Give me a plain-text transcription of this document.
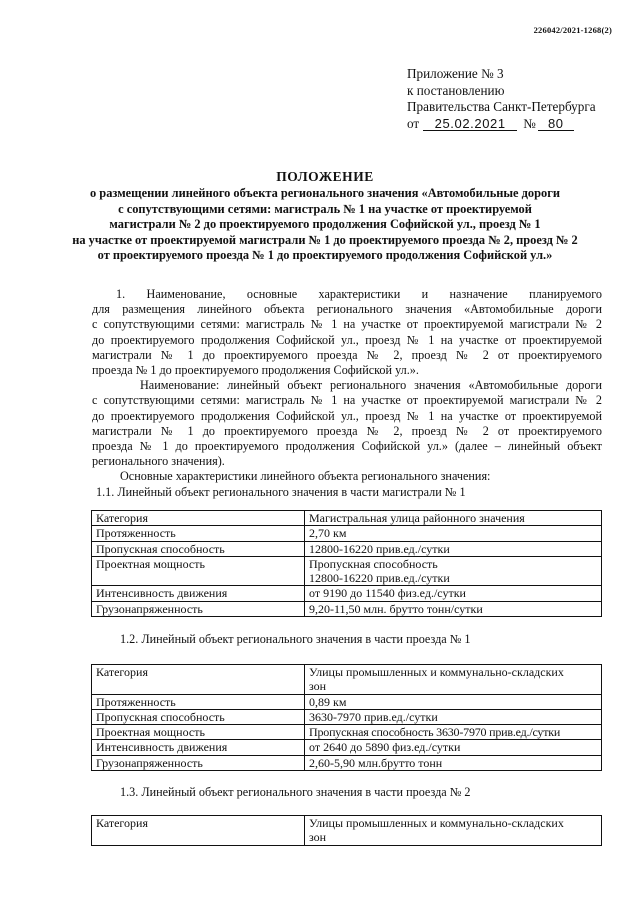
226042/2021-1268(2)
Приложение № 3
к постановлению
Правительства Санкт-Петербурга
от 25.02.2021 № 80
ПОЛОЖЕНИЕ
о размещении линейного объекта регионального значения «Автомобильные дороги
с сопутствующими сетями: магистраль № 1 на участке от проектируемой
магистрали № 2 до проектируемого продолжения Софийской ул., проезд № 1
на участке от проектируемой магистрали № 1 до проектируемого проезда № 2, проезд № 2
от проектируемого проезда № 1 до проектируемого продолжения Софийской ул.»

1. Наименование, основные характеристики и назначение планируемого
для размещения линейного объекта регионального значения «Автомобильные дороги
с сопутствующими сетями: магистраль № 1 на участке от проектируемой магистрали № 2
до проектируемого продолжения Софийской ул., проезд № 1 на участке от проектируемой
магистрали № 1 до проектируемого проезда № 2, проезд № 2 от проектируемого
проезда № 1 до проектируемого продолжения Софийской ул.».

Наименование: линейный объект регионального значения «Автомобильные дороги
с сопутствующими сетями: магистраль № 1 на участке от проектируемой магистрали № 2
до проектируемого продолжения Софийской ул., проезд № 1 на участке от проектируемой
магистрали № 1 до проектируемого проезда № 2, проезд № 2 от проектируемого
проезда № 1 до проектируемого продолжения Софийской ул.» (далее – линейный объект
регионального значения).

Основные характеристики линейного объекта регионального значения:

1.1. Линейный объект регионального значения в части магистрали № 1

Категория	Магистральная улица районного значения
Протяженность	2,70 км
Пропускная способность	12800-16220 прив.ед./сутки
Проектная мощность	Пропускная способность
12800-16220 прив.ед./сутки

Интенсивность движения	от 9190 до 11540 физ.ед./сутки
Грузонапряженность	9,20-11,50 млн. брутто тонн/сутки
1.2. Линейный объект регионального значения в части проезда № 1
Категория	Улицы промышленных и коммунально-складских
зон

Протяженность	0,89 км
Пропускная способность	3630-7970 прив.ед./сутки
Проектная мощность	Пропускная способность 3630-7970 прив.ед./сутки
Интенсивность движения	от 2640 до 5890 физ.ед./сутки
Грузонапряженность	2,60-5,90 млн.брутто тонн
1.3. Линейный объект регионального значения в части проезда № 2
Категория	Улицы промышленных и коммунально-складских
зон
